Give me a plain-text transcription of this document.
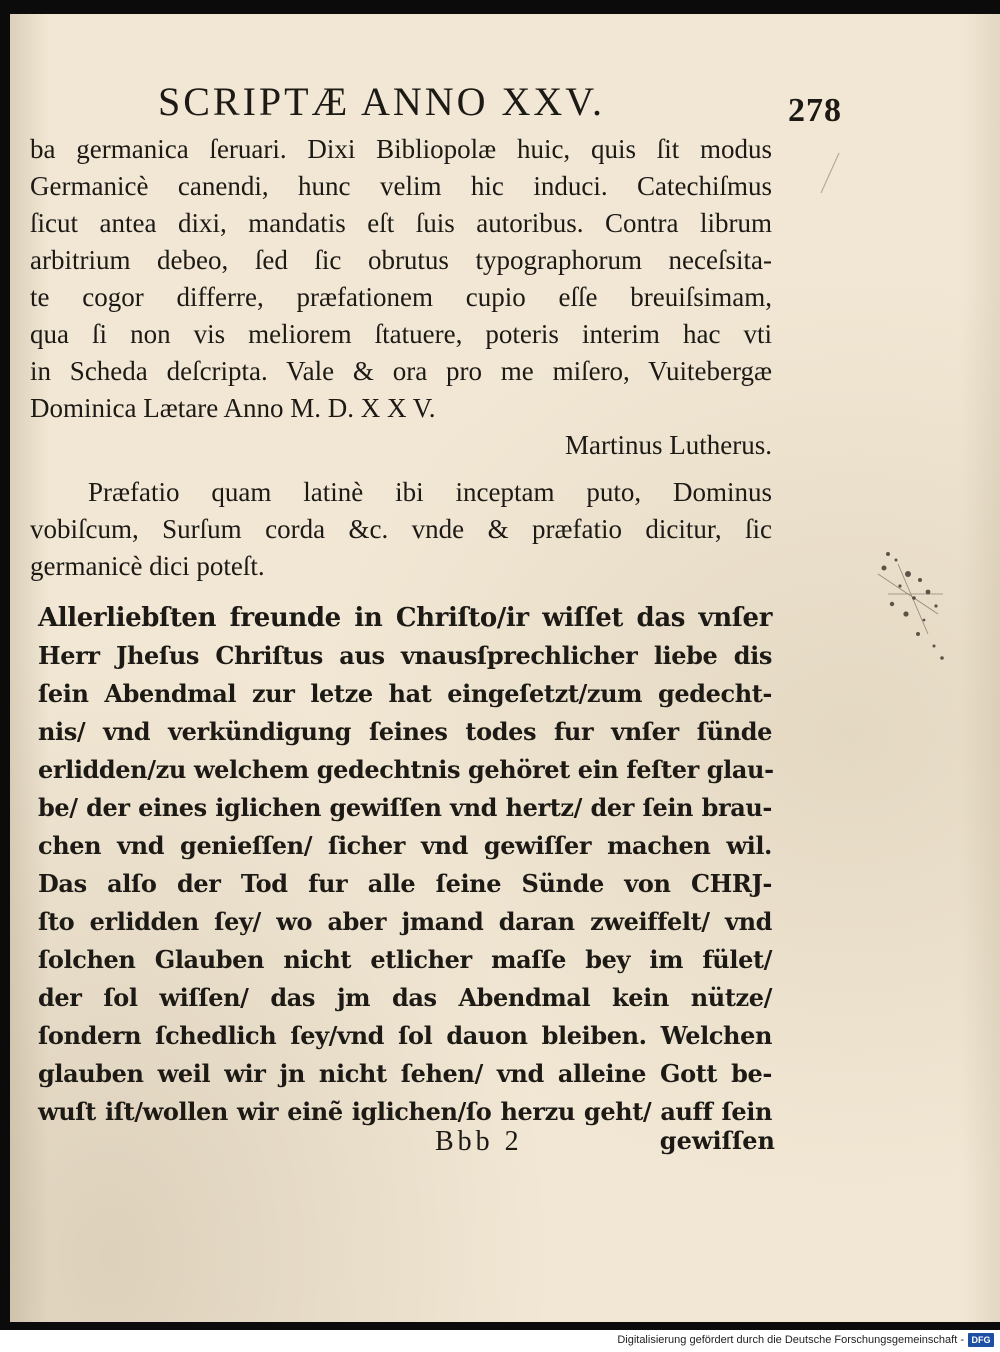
SCRIPTÆ ANNO XXV.	278
ba germanica ſeruari. Dixi Bibliopolæ huic, quis ſit modus
Germanicè canendi, hunc velim hic induci. Catechiſmus
ſicut antea dixi, mandatis eſt ſuis autoribus. Contra librum
arbitrium debeo, ſed ſic obrutus typographorum neceſsita-
te cogor differre, præfationem cupio eſſe breuiſsimam,
qua ſi non vis meliorem ſtatuere, poteris interim hac vti
in Scheda deſcripta. Vale & ora pro me miſero, Vuitebergæ
Dominica Lætare Anno M. D. X X V.
Martinus Lutherus.
Præfatio quam latinè ibi inceptam puto, Dominus
vobiſcum, Surſum corda &c. vnde & præfatio dicitur, ſic
germanicè dici poteſt.
Allerliebſten freunde in Chriſto/ir wiſſet das vnſer
Herr Jheſus Chriſtus aus vnausſprechlicher liebe dis
ſein Abendmal zur letze hat eingeſetzt/zum gedecht-
nis/ vnd verkündigung ſeines todes fur vnſer ſünde
erlidden/zu welchem gedechtnis gehöret ein feſter glau-
be/ der eines iglichen gewiſſen vnd hertz/ der ſein brau-
chen vnd genieſſen/ ſicher vnd gewiſſer machen wil.
Das alſo der Tod fur alle ſeine Sünde von CHRJ-
ſto erlidden ſey/ wo aber jmand daran zweiffelt/ vnd
ſolchen Glauben nicht etlicher maſſe bey im fület/
der ſol wiſſen/ das jm das Abendmal kein nütze/
ſondern ſchedlich ſey/vnd ſol dauon bleiben. Welchen
glauben weil wir jn nicht ſehen/ vnd alleine Gott be-
wuſt iſt/wollen wir einẽ iglichen/ſo herzu geht/ auff ſein
Bbb 2	gewiſſen
Digitalisierung gefördert durch die Deutsche Forschungsgemeinschaft - DFG
